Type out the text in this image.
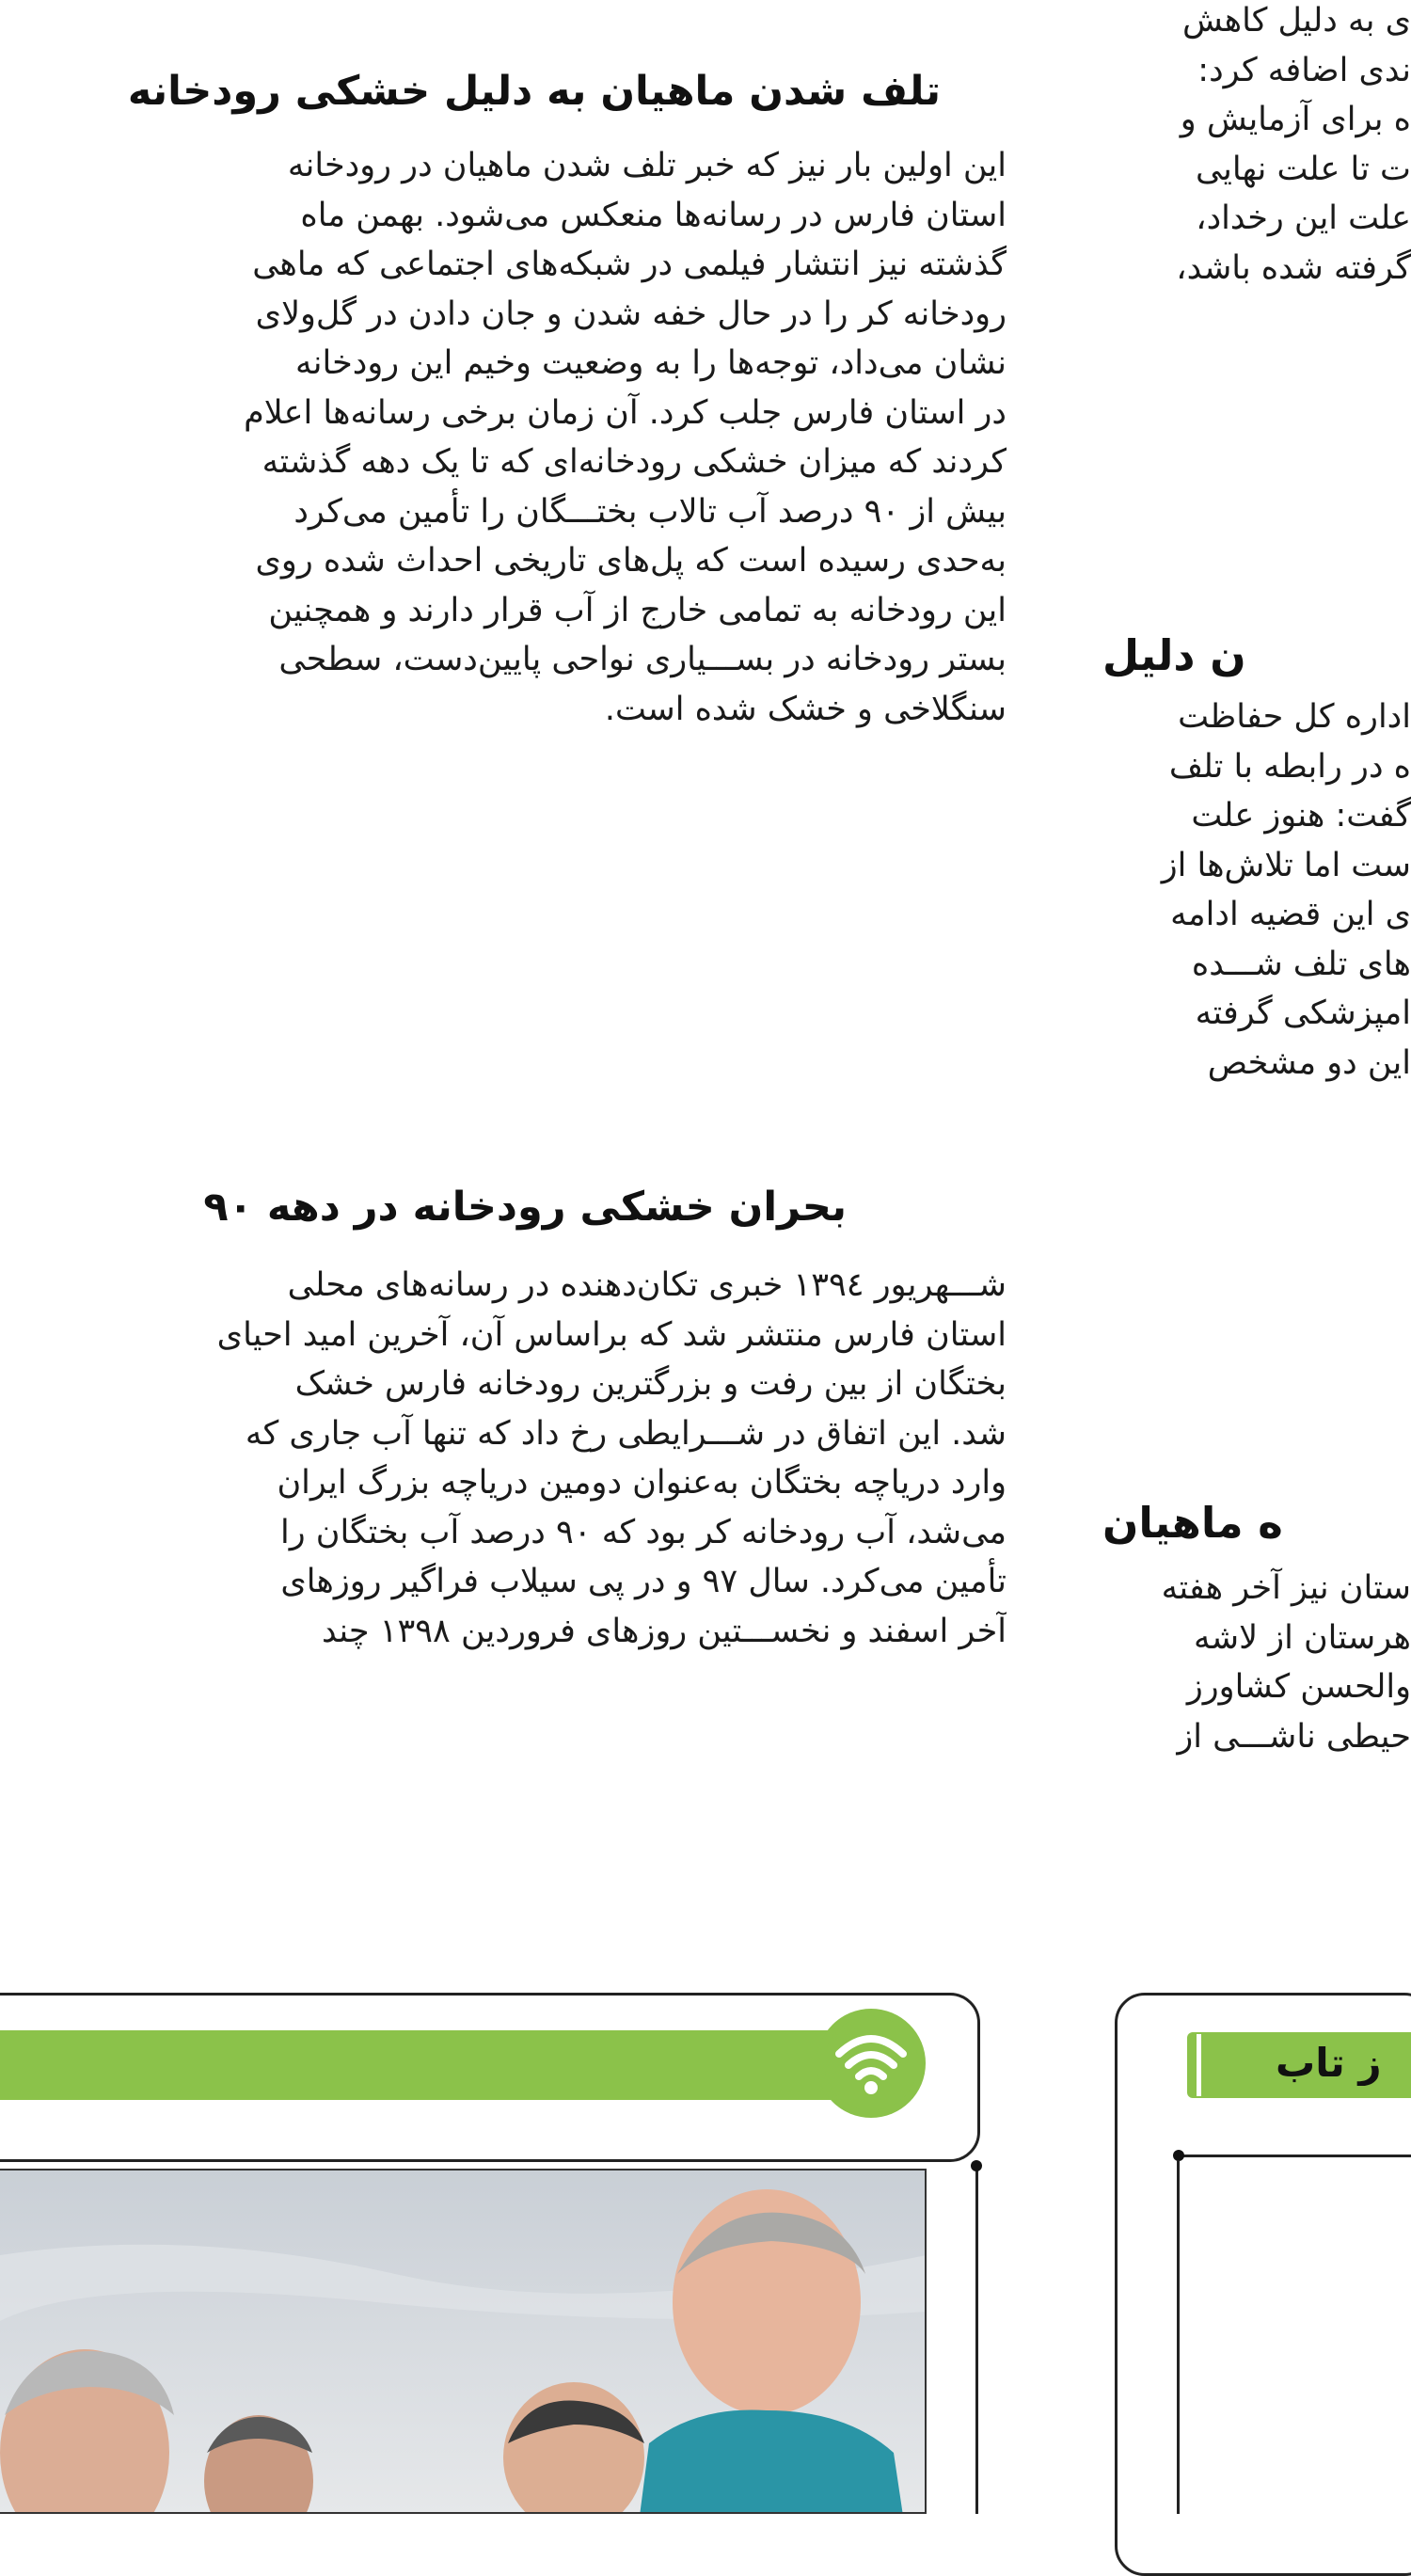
ی به دلیل کاهش
ندی اضافه کرد:
ه برای آزمایش و
ت تا علت نهایی
علت این رخداد،
گرفته شده باشد،
ن دلیل
اداره کل حفاظت
ه در رابطه با تلف
گفت: هنوز علت
ست اما تلاش‌ها از
ی این قضیه ادامه
های تلف شـــده
امپزشکی گرفته
این دو مشخص
ه ماهیان
ستان نیز آخر هفته
هرستان از لاشه
والحسن کشاورز
حیطی ناشـــی از
ز تاب
تلف شدن ماهیان به دلیل خشکی رودخانه
این اولین بار نیز که خبر تلف شدن ماهیان در رودخانه
استان فارس در رسانه‌ها منعکس می‌شود. بهمن ماه
گذشته نیز انتشار فیلمی در شبکه‌های اجتماعی که ماهی
رودخانه کر را در حال خفه شدن و جان دادن در گل‌ولای
نشان می‌داد، توجه‌ها را به وضعیت وخیم این رودخانه
در استان فارس جلب کرد. آن زمان برخی رسانه‌ها اعلام
کردند که میزان خشکی رودخانه‌ای که تا یک دهه گذشته
بیش از ۹۰ درصد آب تالاب بختـــگان را تأمین می‌کرد
به‌حدی رسیده است که پل‌های تاریخی احداث شده روی
این رودخانه به تمامی خارج از آب قرار دارند و همچنین
بستر رودخانه در بســـیاری نواحی پایین‌دست، سطحی
سنگلاخی و خشک شده است.
بحران خشکی رودخانه در دهه ۹۰
شـــهریور ۱۳۹٤ خبری تکان‌دهنده در رسانه‌های محلی
استان فارس منتشر شد که براساس آن، آخرین امید احیای
بختگان از بین رفت و بزرگترین رودخانه فارس خشک
شد. این اتفاق در شـــرایطی رخ داد که تنها آب جاری که
وارد دریاچه بختگان به‌عنوان دومین دریاچه بزرگ ایران
می‌شد، آب رودخانه کر بود که ۹۰ درصد آب بختگان را
تأمین می‌کرد. سال ۹۷ و در پی سیلاب فراگیر روزهای
آخر اسفند و نخســـتین روزهای فروردین ۱۳۹۸ چند
